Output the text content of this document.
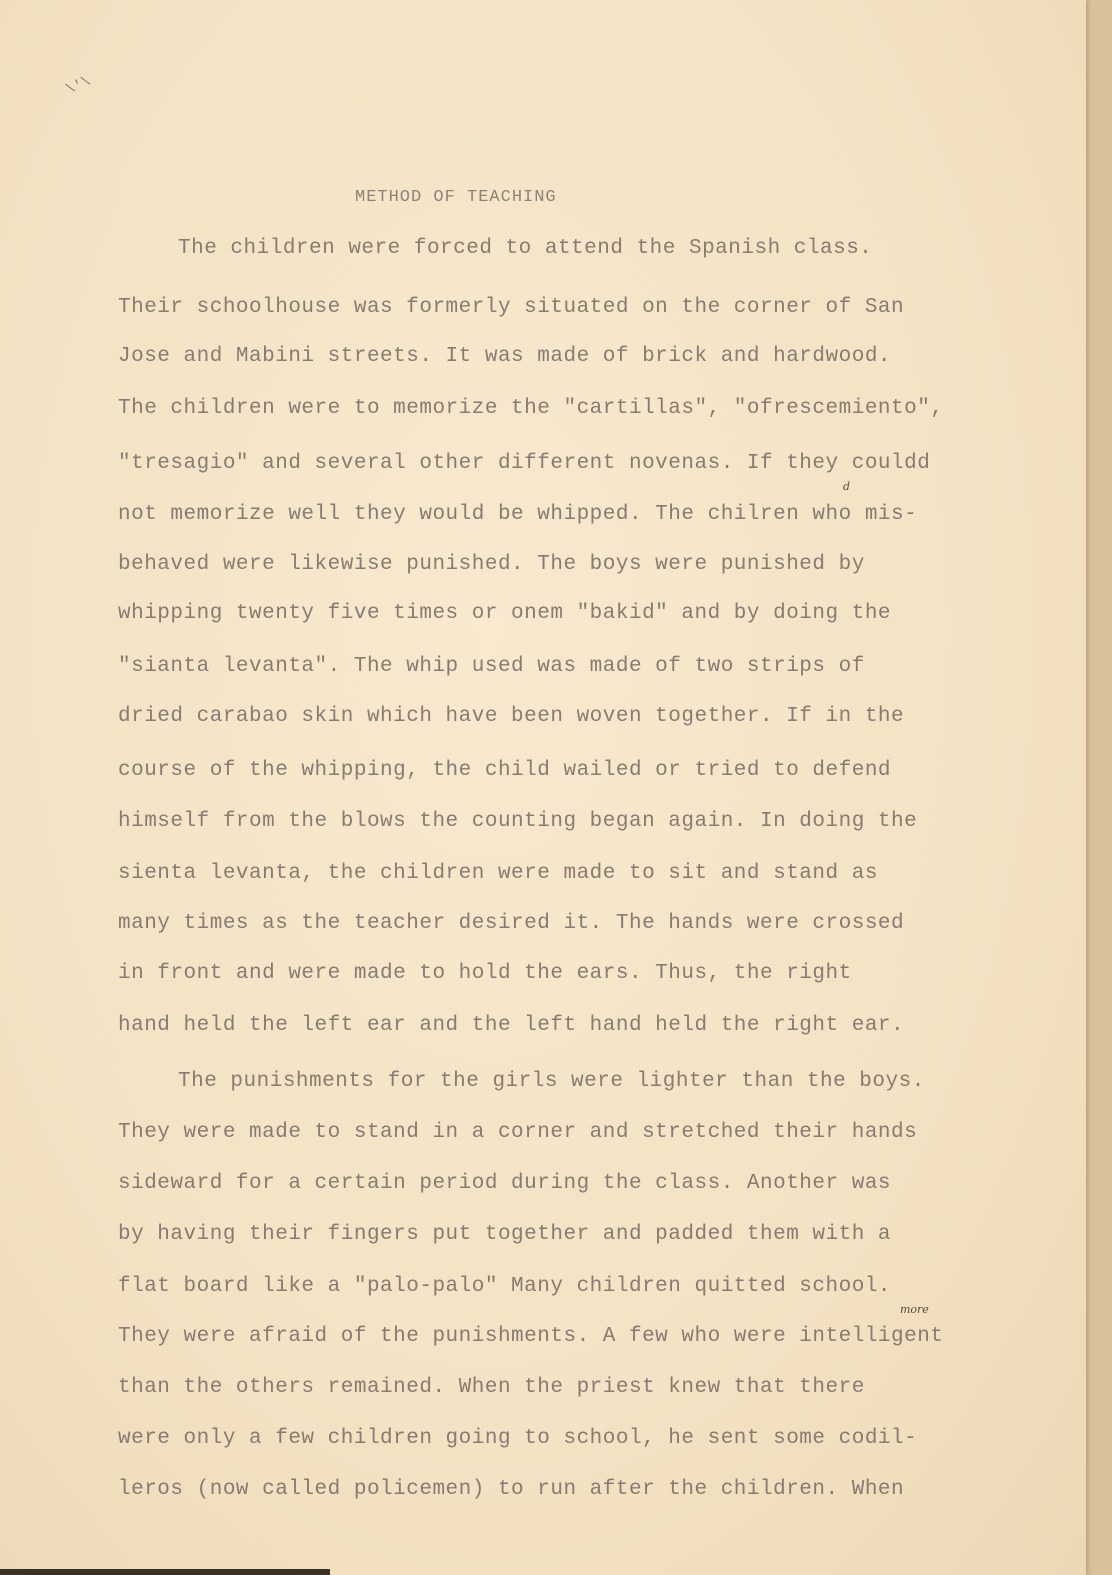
\'\
METHOD OF TEACHING
The children were forced to attend the Spanish class.
Their schoolhouse was formerly situated on the corner of San
Jose and Mabini streets. It was made of brick and hardwood.
The children were to memorize the "cartillas", "ofrescemiento",
"tresagio" and several other different novenas. If they couldd
not memorize well they would be whipped. The chilren who mis-
behaved were likewise punished. The boys were punished by
whipping twenty five times or onem "bakid" and by doing the
"sianta levanta". The whip used was made of two strips of
dried carabao skin which have been woven together. If in the
course of the whipping, the child wailed or tried to defend
himself from the blows the counting began again. In doing the
sienta levanta, the children were made to sit and stand as
many times as the teacher desired it. The hands were crossed
in front and were made to hold the ears. Thus, the right
hand held the left ear and the left hand held the right ear.
The punishments for the girls were lighter than the boys.
They were made to stand in a corner and stretched their hands
sideward for a certain period during the class. Another was
by having their fingers put together and padded them with a
flat board like a "palo-palo" Many children quitted school.
They were afraid of the punishments. A few who were intelligent
than the others remained. When the priest knew that there
were only a few children going to school, he sent some codil-
leros (now called policemen) to run after the children. When
d
more
